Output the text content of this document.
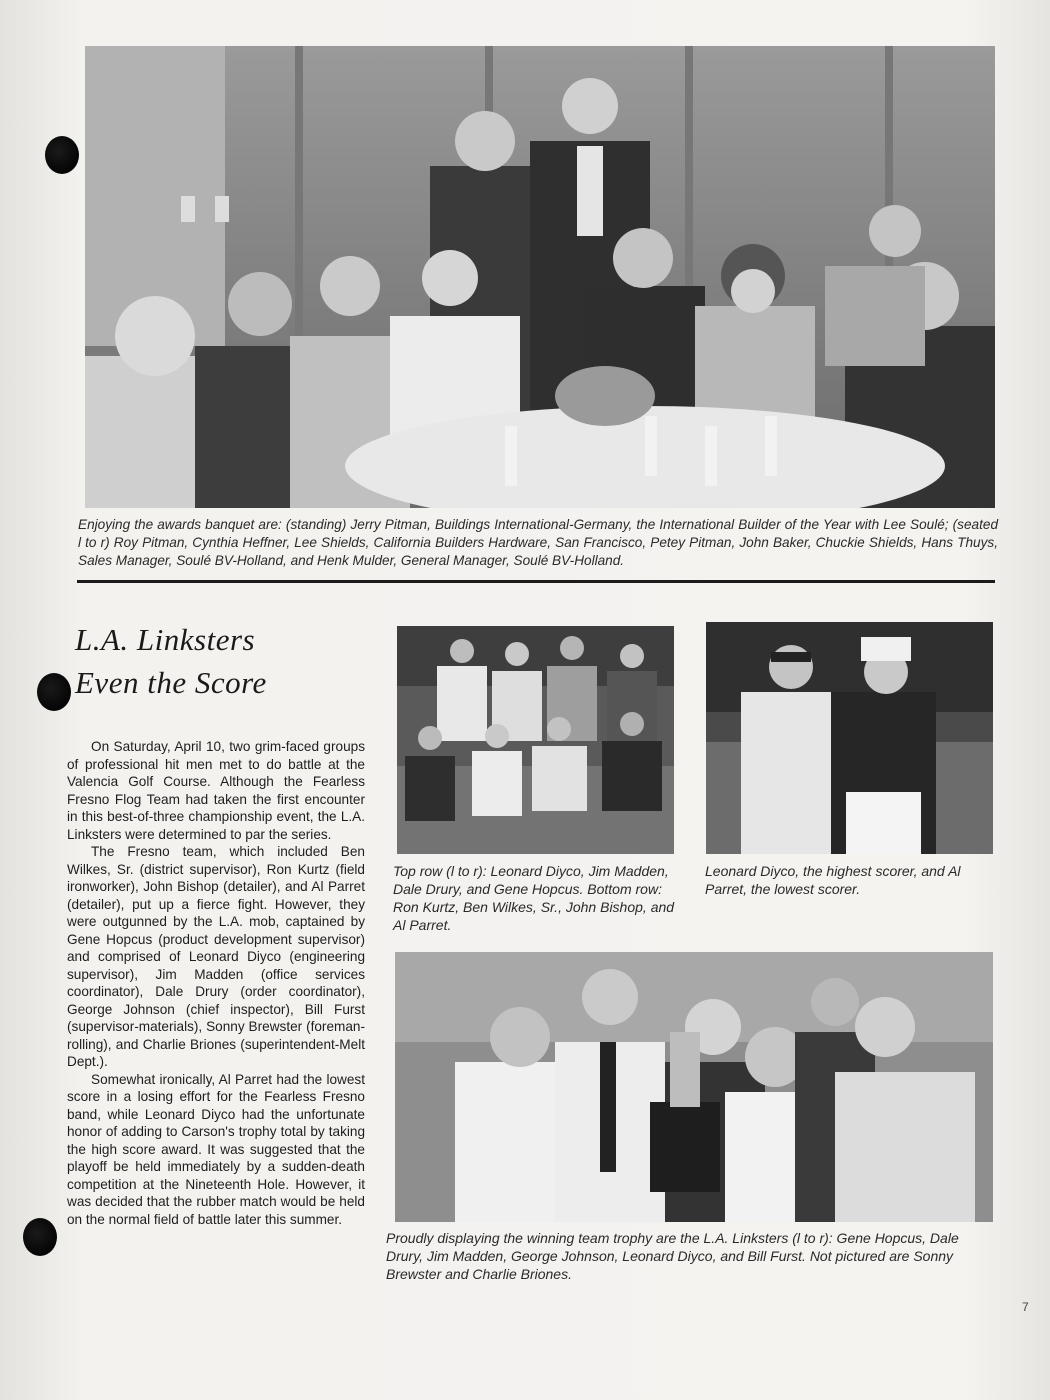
Enjoying the awards banquet are: (standing) Jerry Pitman, Buildings International-Germany, the International Builder of the Year with Lee Soulé; (seated l to r) Roy Pitman, Cynthia Heffner, Lee Shields, California Builders Hardware, San Francisco, Petey Pitman, John Baker, Chuckie Shields, Hans Thuys, Sales Manager, Soulé BV-Holland, and Henk Mulder, General Manager, Soulé BV-Holland.
L.A. Linksters
Even the Score

On Saturday, April 10, two grim-faced groups of professional hit men met to do battle at the Valencia Golf Course. Although the Fearless Fresno Flog Team had taken the first encounter in this best-of-three championship event, the L.A. Linksters were determined to par the series.

The Fresno team, which included Ben Wilkes, Sr. (district supervisor), Ron Kurtz (field ironworker), John Bishop (detailer), and Al Parret (detailer), put up a fierce fight. However, they were outgunned by the L.A. mob, captained by Gene Hopcus (product development supervisor) and comprised of Leonard Diyco (engineering supervisor), Jim Madden (office services coordinator), Dale Drury (order coordinator), George Johnson (chief inspector), Bill Furst (supervisor-materials), Sonny Brewster (foreman-rolling), and Charlie Briones (superintendent-Melt Dept.).

Somewhat ironically, Al Parret had the lowest score in a losing effort for the Fearless Fresno band, while Leonard Diyco had the unfortunate honor of adding to Carson's trophy total by taking the high score award. It was suggested that the playoff be held immediately by a sudden-death competition at the Nineteenth Hole. However, it was decided that the rubber match would be held on the normal field of battle later this summer.

Top row (l to r): Leonard Diyco, Jim Madden, Dale Drury, and Gene Hopcus. Bottom row: Ron Kurtz, Ben Wilkes, Sr., John Bishop, and Al Parret.
Leonard Diyco, the highest scorer, and Al Parret, the lowest scorer.
Proudly displaying the winning team trophy are the L.A. Linksters (l to r): Gene Hopcus, Dale Drury, Jim Madden, George Johnson, Leonard Diyco, and Bill Furst. Not pictured are Sonny Brewster and Charlie Briones.
7
